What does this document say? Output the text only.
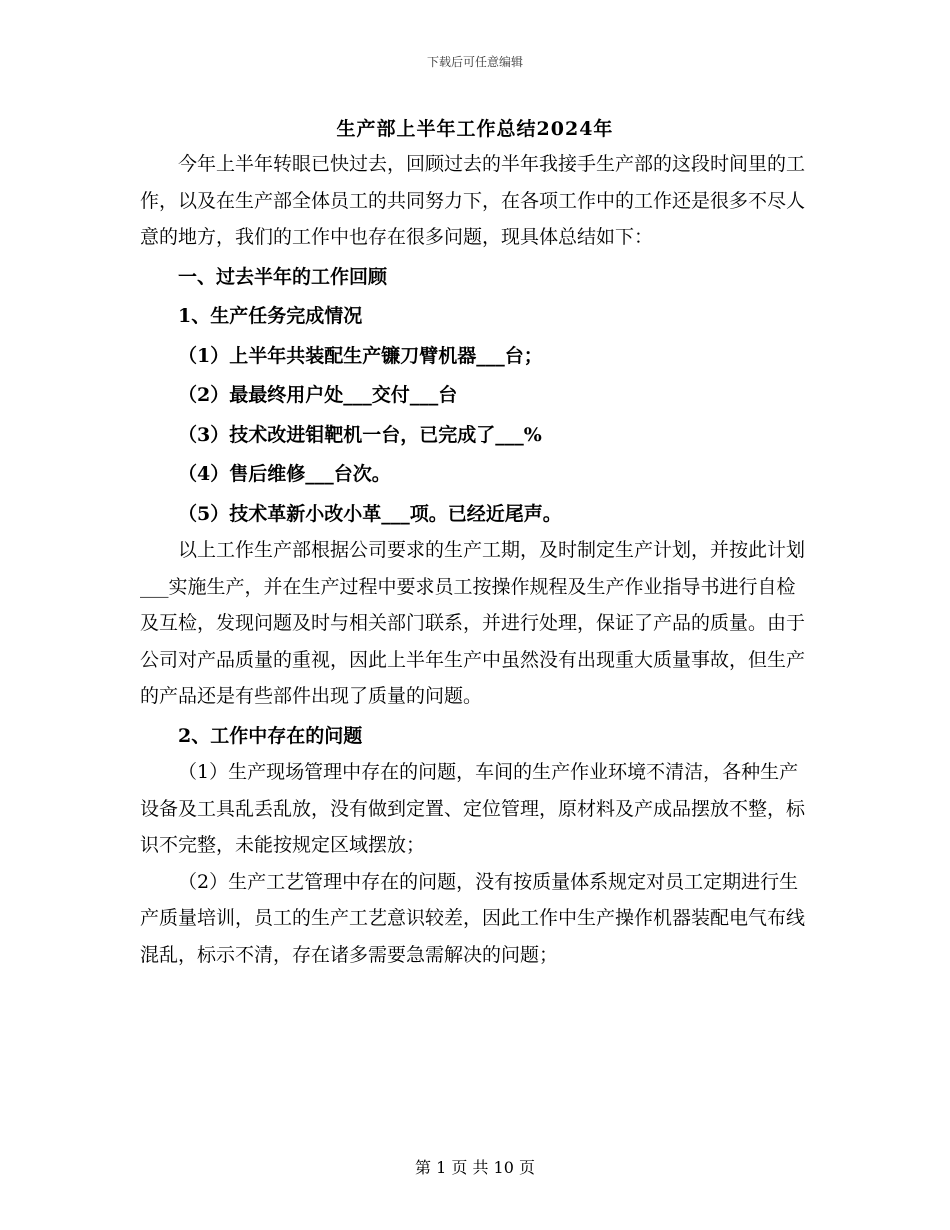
下载后可任意编辑
生产部上半年工作总结2024年

今年上半年转眼已快过去，回顾过去的半年我接手生产部的这段时间里的工作，以及在生产部全体员工的共同努力下，在各项工作中的工作还是很多不尽人意的地方，我们的工作中也存在很多问题，现具体总结如下：

一、过去半年的工作回顾

1、生产任务完成情况

（1）上半年共装配生产镰刀臂机器___台；

（2）最最终用户处___交付___台

（3）技术改进钼靶机一台，已完成了___%

（4）售后维修___台次。

（5）技术革新小改小革___项。已经近尾声。

以上工作生产部根据公司要求的生产工期，及时制定生产计划，并按此计划___实施生产，并在生产过程中要求员工按操作规程及生产作业指导书进行自检及互检，发现问题及时与相关部门联系，并进行处理，保证了产品的质量。由于公司对产品质量的重视，因此上半年生产中虽然没有出现重大质量事故，但生产的产品还是有些部件出现了质量的问题。

2、工作中存在的问题

（1）生产现场管理中存在的问题，车间的生产作业环境不清洁，各种生产设备及工具乱丢乱放，没有做到定置、定位管理，原材料及产成品摆放不整，标识不完整，未能按规定区域摆放；

（2）生产工艺管理中存在的问题，没有按质量体系规定对员工定期进行生产质量培训，员工的生产工艺意识较差，因此工作中生产操作机器装配电气布线混乱，标示不清，存在诸多需要急需解决的问题；

第 1 页 共 10 页
